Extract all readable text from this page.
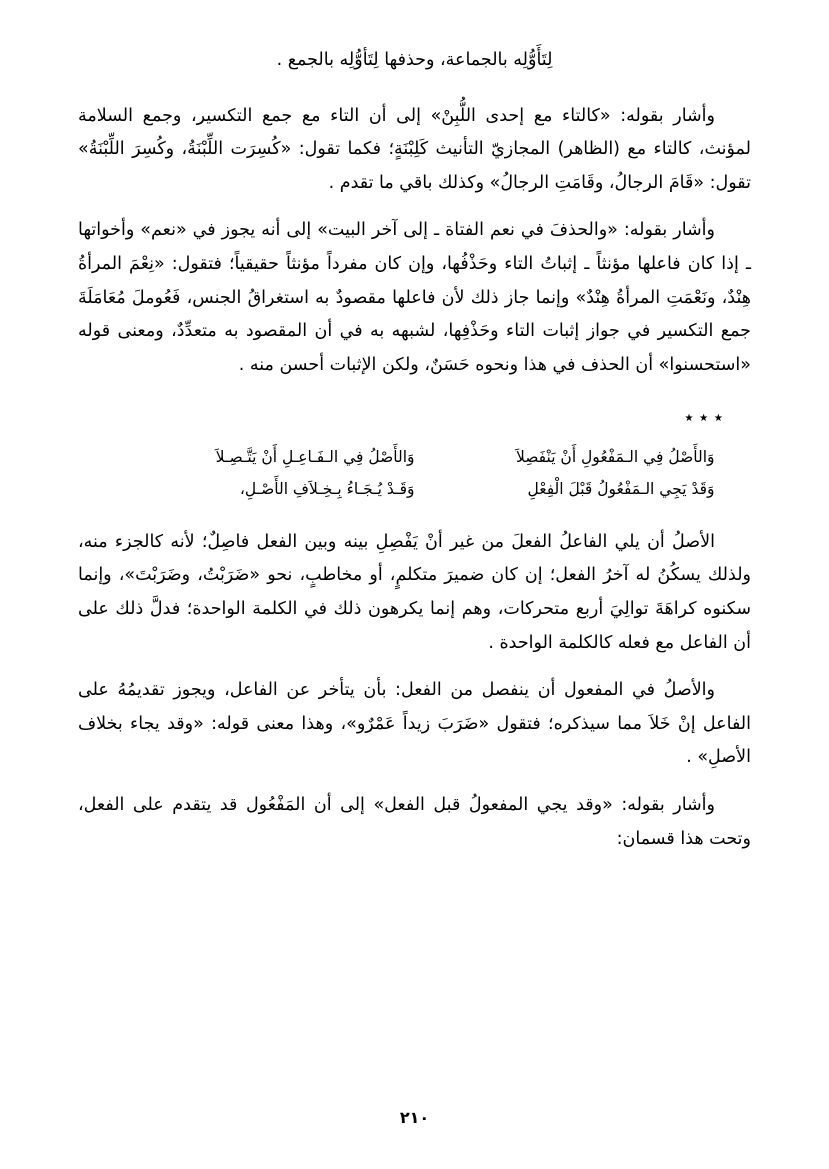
لِتَأَوُّلِه بالجماعة، وحذفها لِتَأوُّلِه بالجمع .

وأشار بقوله: «كالتاء مع إحدى اللُّبِنْ» إلى أن التاء مع جمع التكسير، وجمع السلامة لمؤنث، كالتاء مع (الظاهر) المجازيّ التأنيث كَلِبْنَةٍ؛ فكما تقول: «كُسِرَت اللِّبْنَةُ، وكُسِرَ اللِّبْنَةُ» تقول: «قَامَ الرجالُ، وقَامَتِ الرجالُ» وكذلك باقي ما تقدم .

وأشار بقوله: «والحذفَ في نعم الفتاة ـ إلى آخر البيت» إلى أنه يجوز في «نعم» وأخواتها ـ إذا كان فاعلها مؤنثاً ـ إثباتُ التاء وحَذْفُها، وإن كان مفرداً مؤنثاً حقيقياً؛ فتقول: «نِعْمَ المرأةُ هِنْدٌ، ونَعْمَتِ المرأةُ هِنْدٌ» وإنما جاز ذلك لأن فاعلها مقصودٌ به استغراقُ الجنس، فَعُوملَ مُعَامَلَةَ جمع التكسير في جواز إثبات التاء وحَذْفِها، لشبهه به في أن المقصود به متعدِّدٌ، ومعنى قوله «استحسنوا» أن الحذف في هذا ونحوه حَسَنٌ، ولكن الإثبات أحسن منه .

٭ ٭ ٭
وَالأَصْلُ فِي الـمَفْعُولِ أَنْ يَنْفَصِلاَ
وَالأَصْلُ فِي الـفَـاعِـلِ أَنْ يَتَّـصِـلاَ
وَقَدْ يَجِي الـمَفْعُولُ قَبْلَ الْفِعْلِ
وَقَـدْ يُـجَـاءُ بِـخِـلاَفِ الأَصْـلِ،

الأصلُ أن يلي الفاعلُ الفعلَ من غير أنْ يَفْصِلِ بينه وبين الفعل فاصِلٌ؛ لأنه كالجزء منه، ولذلك يسكُنُ له آخرُ الفعل؛ إن كان ضميرَ متكلمٍ، أو مخاطبٍ، نحو «ضَرَبْتُ، وضَرَبْتَ»، وإنما سكنوه كراهَةَ توالِيَ أربع متحركات، وهم إنما يكرهون ذلك في الكلمة الواحدة؛ فدلَّ ذلك على أن الفاعل مع فعله كالكلمة الواحدة .

والأصلُ في المفعول أن ينفصل من الفعل: بأن يتأخر عن الفاعل، ويجوز تقديمُهُ على الفاعل إنْ خَلاَ مما سيذكره؛ فتقول «ضَرَبَ زيداً عَمْرٌو»، وهذا معنى قوله: «وقد يجاء بخلاف الأصلِ» .

وأشار بقوله: «وقد يجي المفعولُ قبل الفعل» إلى أن المَفْعُول قد يتقدم على الفعل، وتحت هذا قسمان:

٢١٠
